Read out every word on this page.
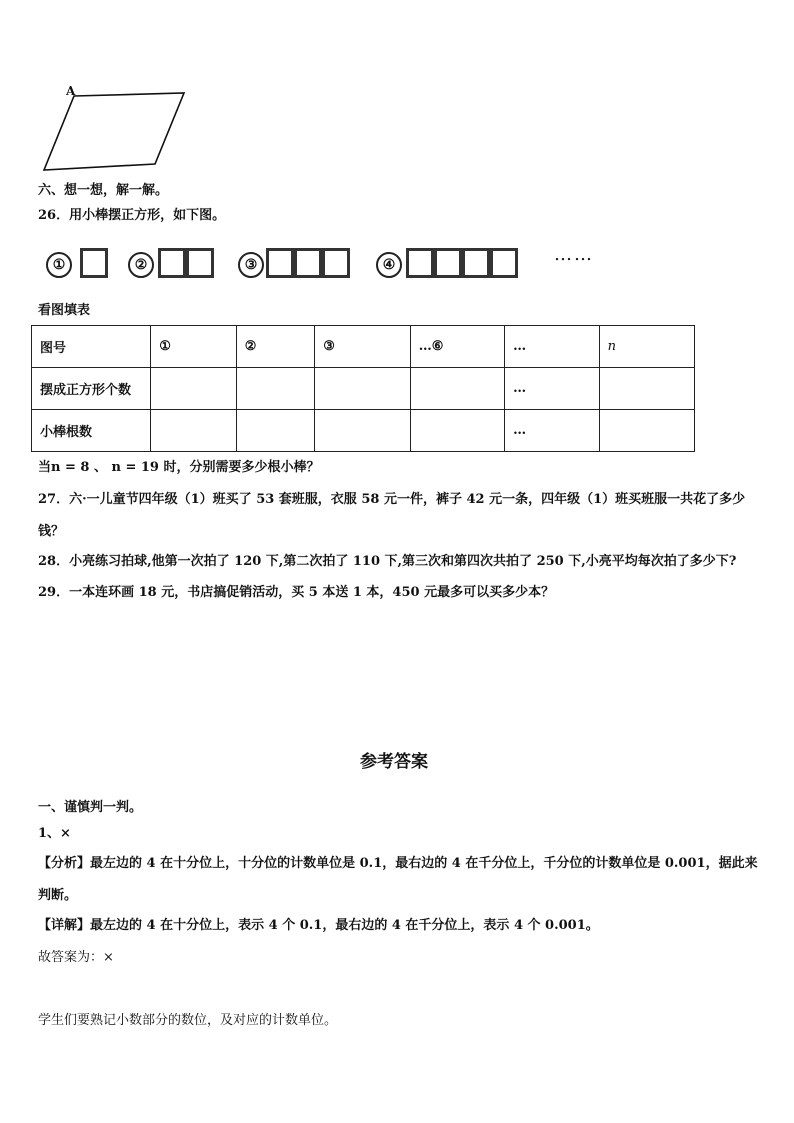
A
六、想一想，解一解。
26．用小棒摆正方形，如下图。
①	②	③	④	……
看图填表
图号	①	②	③	…⑥	…	n
摆成正方形个数					…	
小棒根数					…	
当n = 8 、 n = 19 时，分别需要多少根小棒？
27．六·一儿童节四年级（1）班买了 53 套班服，衣服 58 元一件，裤子 42 元一条，四年级（1）班买班服一共花了多少钱？
28．小亮练习拍球,他第一次拍了 120 下,第二次拍了 110 下,第三次和第四次共拍了 250 下,小亮平均每次拍了多少下?
29．一本连环画 18 元，书店搞促销活动，买 5 本送 1 本，450 元最多可以买多少本？
参考答案
一、谨慎判一判。
1、×
【分析】最左边的 4 在十分位上，十分位的计数单位是 0.1，最右边的 4 在千分位上，千分位的计数单位是 0.001，据此来判断。
【详解】最左边的 4 在十分位上，表示 4 个 0.1，最右边的 4 在千分位上，表示 4 个 0.001。
故答案为：×
学生们要熟记小数部分的数位，及对应的计数单位。
